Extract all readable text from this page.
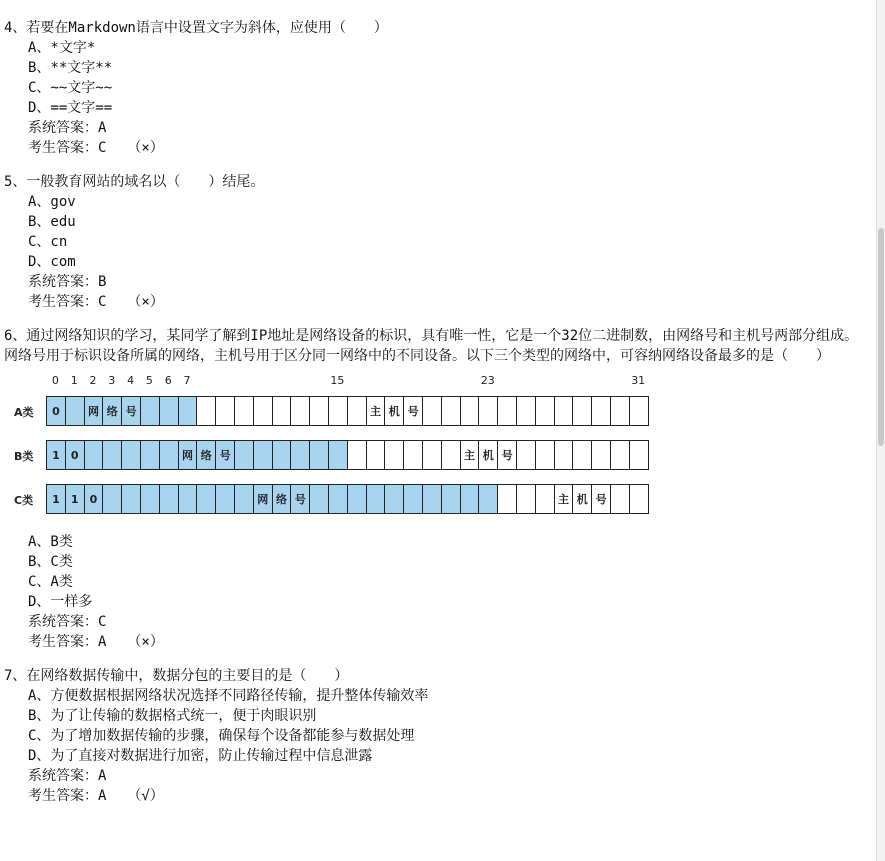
4、若要在Markdown语言中设置文字为斜体，应使用（　　）
A、*文字*
B、**文字**
C、~~文字~~
D、==文字==
系统答案：A
考生答案：C　　（×）
5、一般教育网站的域名以（　　）结尾。
A、gov
B、edu
C、cn
D、com
系统答案：B
考生答案：C　　（×）
6、通过网络知识的学习，某同学了解到IP地址是网络设备的标识，具有唯一性，它是一个32位二进制数，由网络号和主机号两部分组成。网络号用于标识设备所属的网络，主机号用于区分同一网络中的不同设备。以下三个类型的网络中，可容纳网络设备最多的是（　　）
0 1 2 3 4 5 6 7	15	23	31
A类	0	网 络 号	主 机 号
B类	1	0	网 络 号	主 机 号
C类	1	1	0	网 络 号	主 机 号
A、B类
B、C类
C、A类
D、一样多
系统答案：C
考生答案：A　　（×）
7、在网络数据传输中，数据分包的主要目的是（　　）
A、方便数据根据网络状况选择不同路径传输，提升整体传输效率
B、为了让传输的数据格式统一，便于肉眼识别
C、为了增加数据传输的步骤，确保每个设备都能参与数据处理
D、为了直接对数据进行加密，防止传输过程中信息泄露
系统答案：A
考生答案：A　　（√）
